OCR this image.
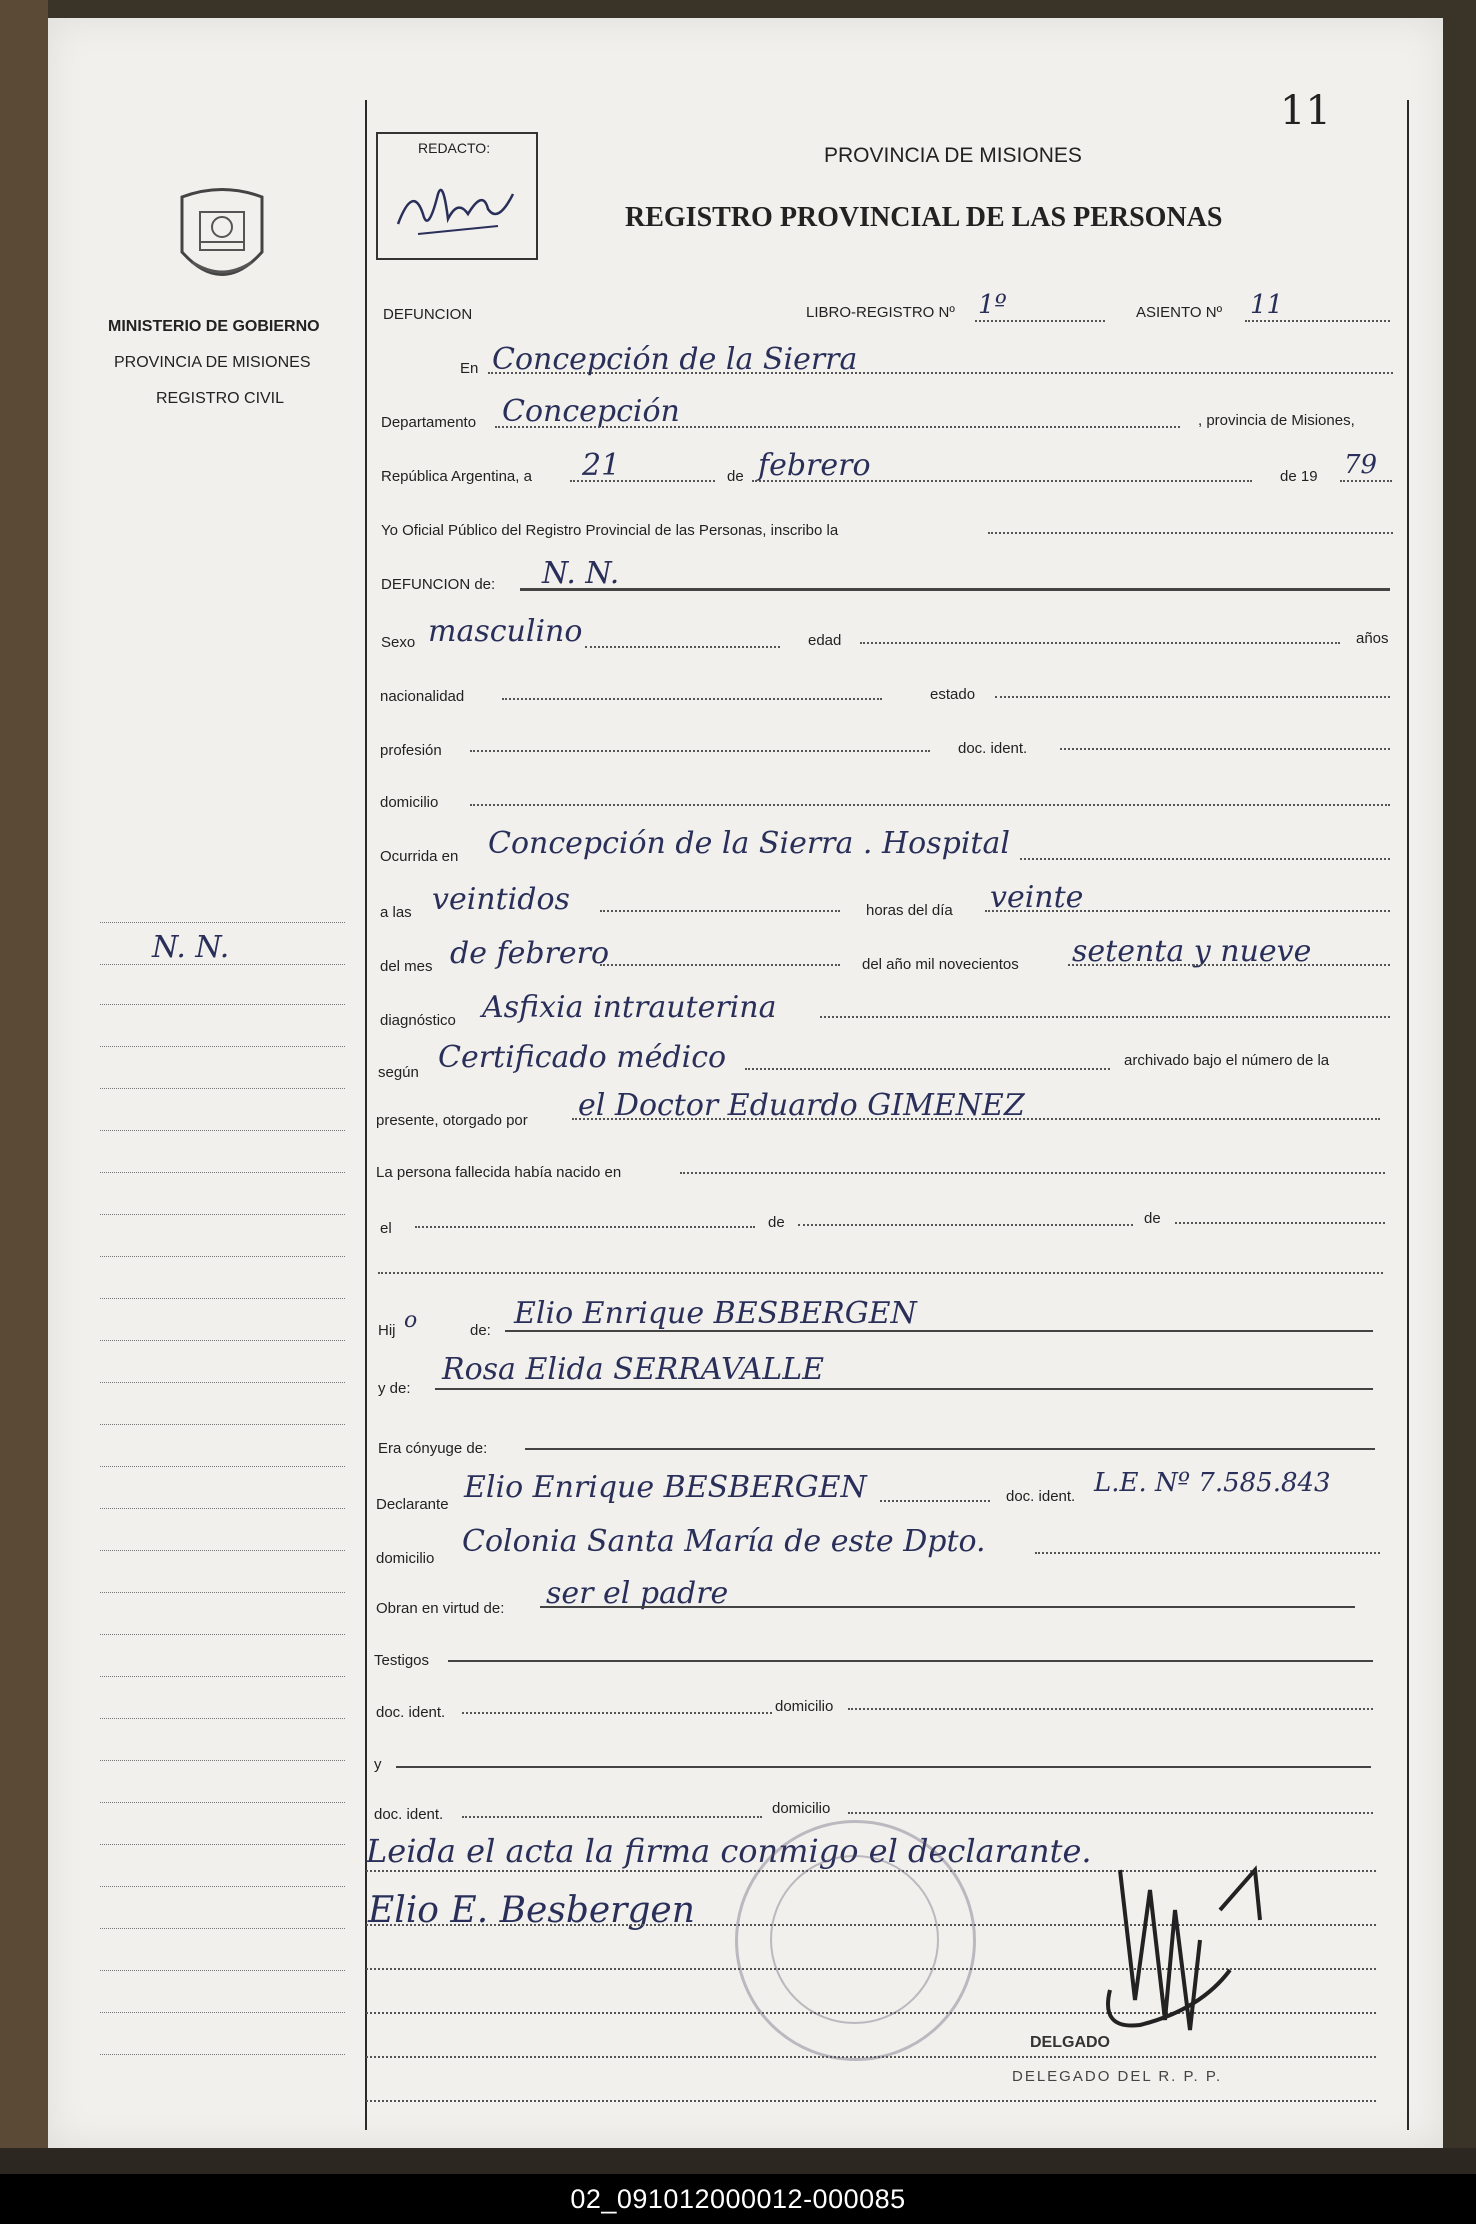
11
MINISTERIO DE GOBIERNO
PROVINCIA DE MISIONES
REGISTRO CIVIL
REDACTO:	PROVINCIA DE MISIONES
REGISTRO PROVINCIAL DE LAS PERSONAS
DEFUNCION	LIBRO-REGISTRO Nº 1º	ASIENTO Nº 11
En Concepción de la Sierra
Departamento Concepción	, provincia de Misiones,
República Argentina, a 21	de febrero	de 19 79
Yo Oficial Público del Registro Provincial de las Personas, inscribo la
DEFUNCION de: N. N.
Sexo masculino	edad	años
nacionalidad	estado
profesión	doc. ident.
domicilio
Ocurrida en Concepción de la Sierra . Hospital
a las veintidos	horas del día veinte
del mes de febrero	del año mil novecientos setenta y nueve
diagnóstico Asfixia intrauterina
según Certificado médico	archivado bajo el número de la
presente, otorgado por el Doctor Eduardo GIMENEZ
La persona fallecida había nacido en
el	de	de
Hij o	de: Elio Enrique BESBERGEN
y de:
Rosa Elida SERRAVALLE
Era cónyuge de:
Declarante Elio Enrique BESBERGEN	doc. ident. L.E. Nº 7.585.843
domicilio Colonia Santa María de este Dpto.
Obran en virtud de: ser el padre
Testigos
doc. ident.	domicilio
y
doc. ident.	domicilio
Leida el acta la firma conmigo el declarante.
Elio E. Besbergen
DELGADO
DELEGADO DEL R. P. P.
N. N.
02_091012000012-000085
